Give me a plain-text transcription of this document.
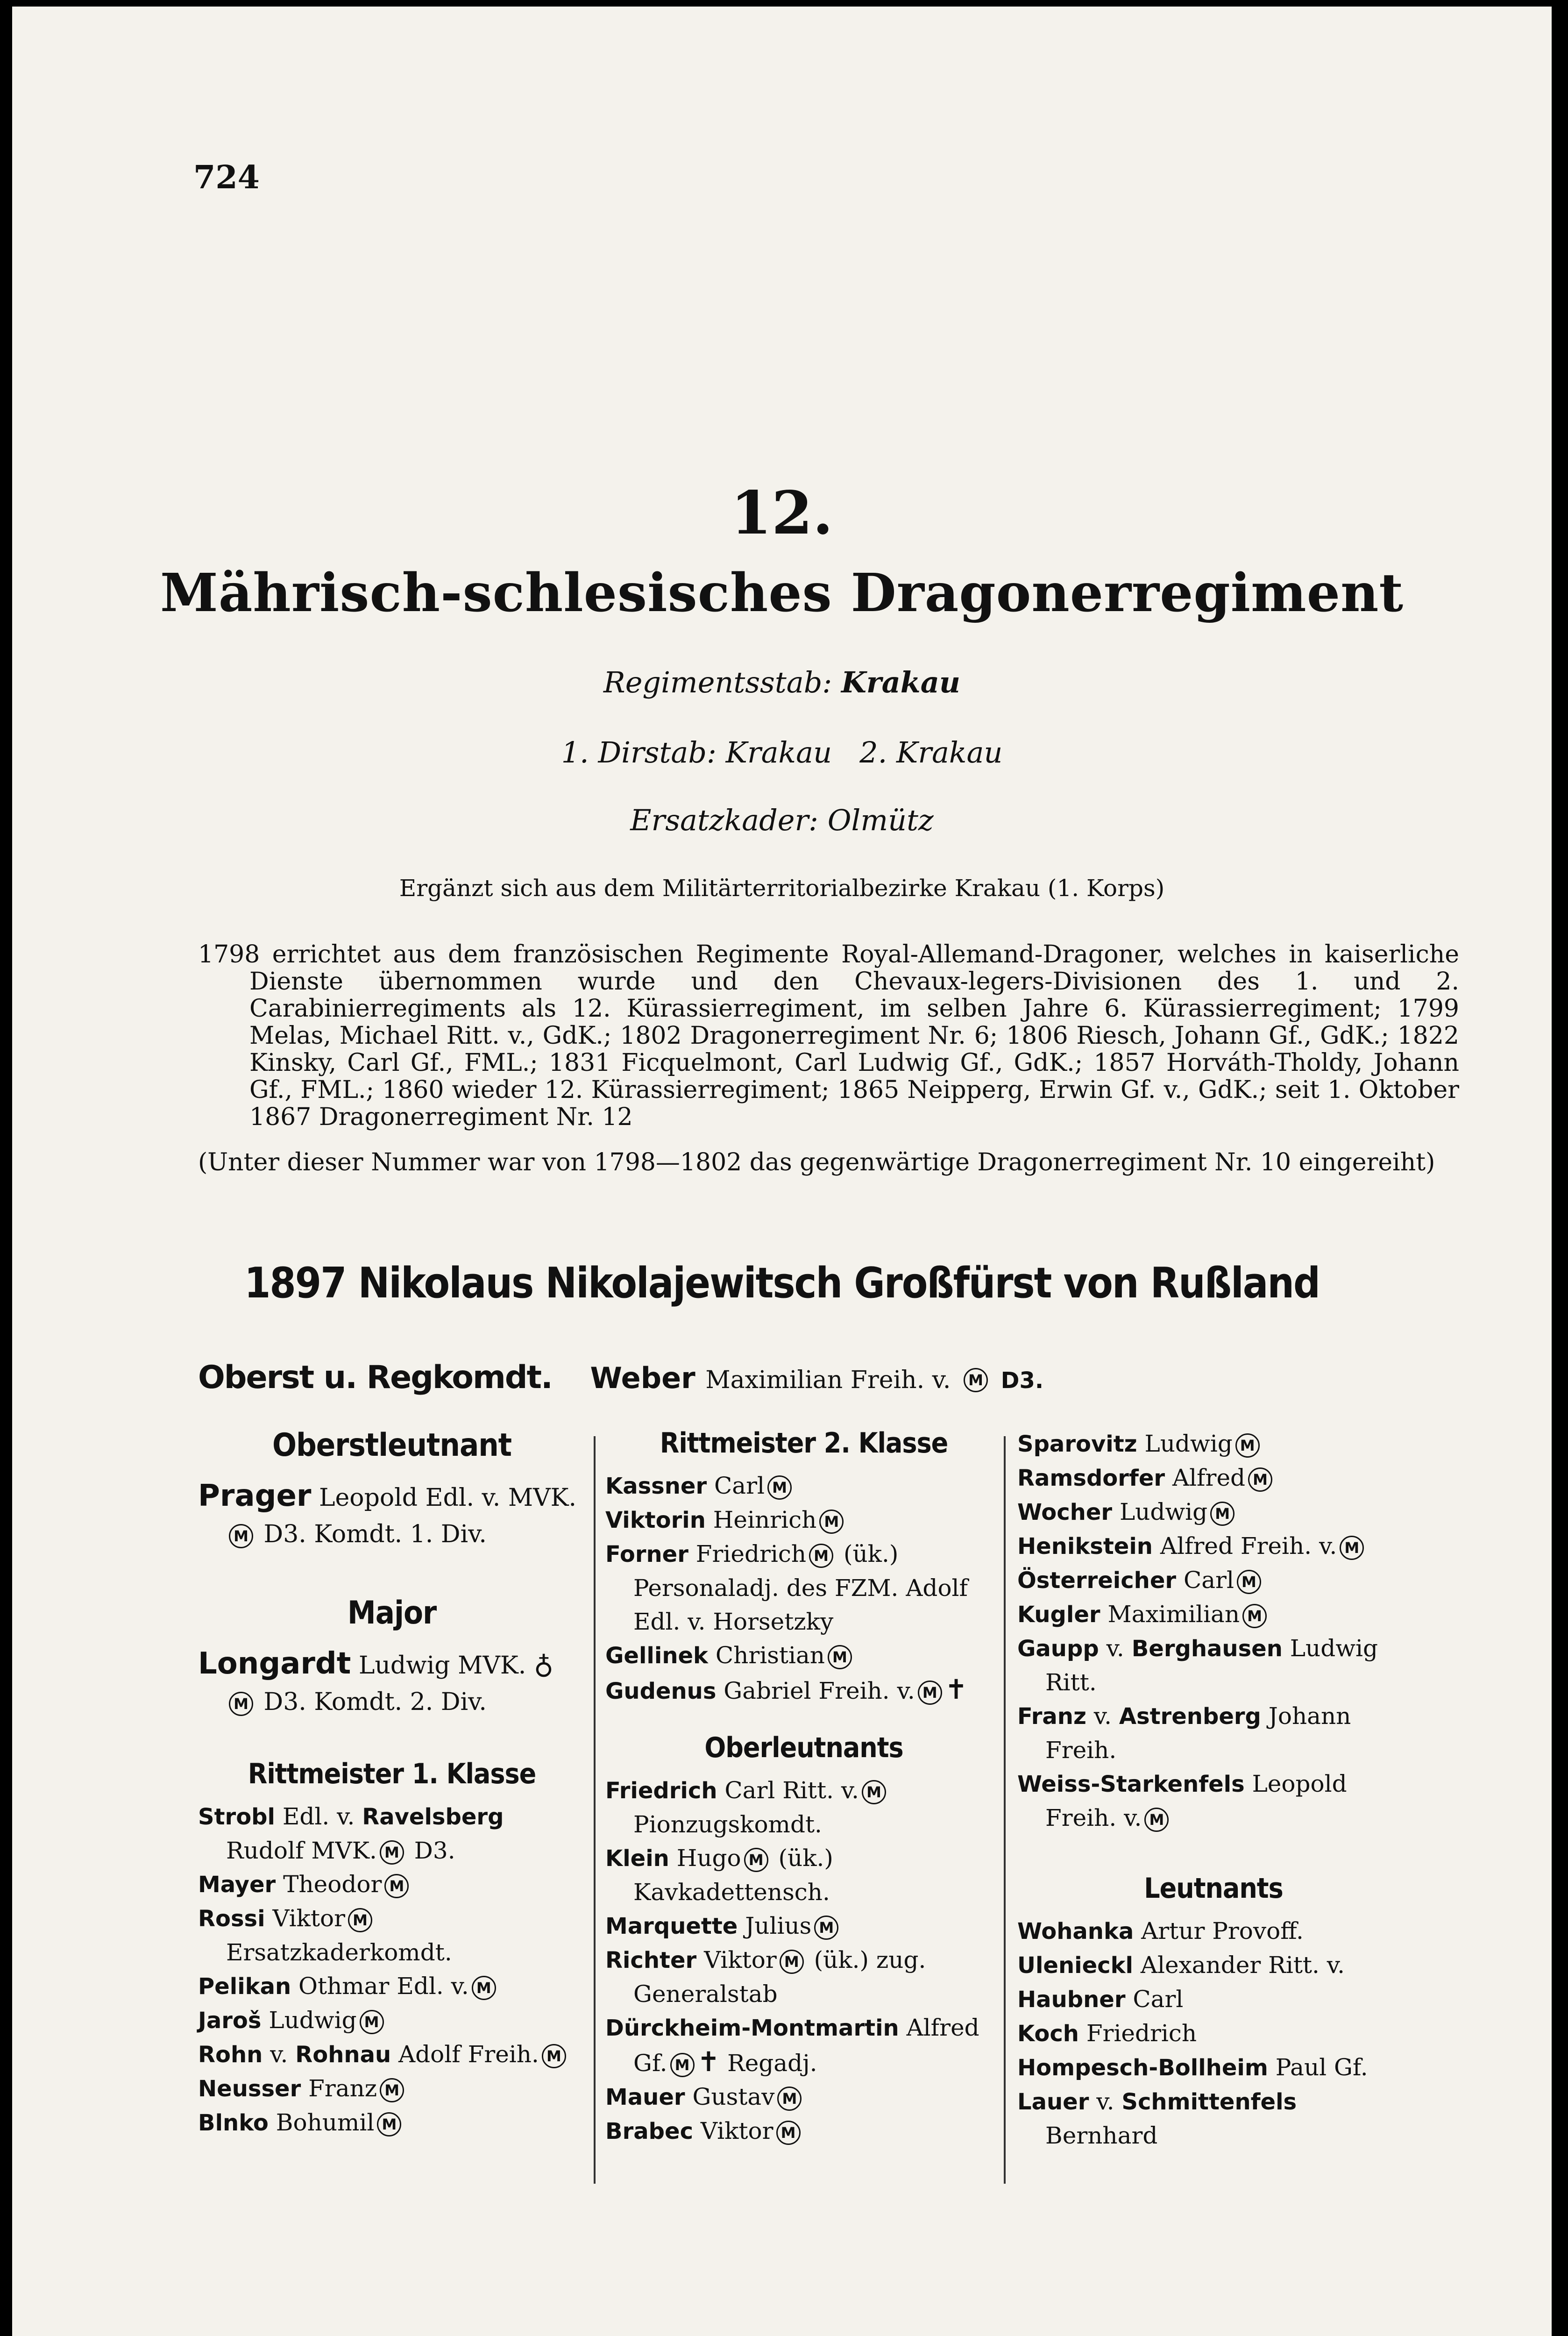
724
12.
Mährisch-schlesisches Dragonerregiment
Regimentsstab: Krakau
1. Dirstab: Krakau   2. Krakau
Ersatzkader: Olmütz
Ergänzt sich aus dem Militärterritorialbezirke Krakau (1. Korps)
1798 errichtet aus dem französischen Regimente Royal-Allemand-Dragoner, welches in kaiserliche Dienste übernommen wurde und den Chevaux-legers-Divisionen des 1. und 2. Carabinierregiments als 12. Kürassierregiment, im selben Jahre 6. Kürassierregiment; 1799 Melas, Michael Ritt. v., GdK.; 1802 Dragonerregiment Nr. 6; 1806 Riesch, Johann Gf., GdK.; 1822 Kinsky, Carl Gf., FML.; 1831 Ficquelmont, Carl Ludwig Gf., GdK.; 1857 Horváth-Tholdy, Johann Gf., FML.; 1860 wieder 12. Kürassierregiment; 1865 Neipperg, Erwin Gf. v., GdK.; seit 1. Oktober 1867 Dragonerregiment Nr. 12
(Unter dieser Nummer war von 1798—1802 das gegenwärtige Dragonerregiment Nr. 10 eingereiht)
1897 Nikolaus Nikolajewitsch Großfürst von Rußland
Oberst u. Regkomdt. Weber Maximilian Freih. v. M D3.
Oberstleutnant

Prager Leopold Edl. v. MVK. M D3. Komdt. 1. Div.

Major

Longardt Ludwig MVK. ♁ M D3. Komdt. 2. Div.

Rittmeister 1. Klasse

Strobl Edl. v. Ravelsberg Rudolf MVK. M D3.

Mayer Theodor M

Rossi Viktor M Ersatzkaderkomdt.

Pelikan Othmar Edl. v. M

Jaroš Ludwig M

Rohn v. Rohnau Adolf Freih. M

Neusser Franz M

Blnko Bohumil M

Rittmeister 2. Klasse

Kassner Carl M

Viktorin Heinrich M

Forner Friedrich M (ük.) Personaladj. des FZM. Adolf Edl. v. Horsetzky

Gellinek Christian M

Gudenus Gabriel Freih. v. M ✝

Oberleutnants

Friedrich Carl Ritt. v. M Pionzugskomdt.

Klein Hugo M (ük.) Kavkadettensch.

Marquette Julius M

Richter Viktor M (ük.) zug. Generalstab

Dürckheim-Montmartin Alfred Gf. M ✝ Regadj.

Mauer Gustav M

Brabec Viktor M

Sparovitz Ludwig M

Ramsdorfer Alfred M

Wocher Ludwig M

Henikstein Alfred Freih. v. M

Österreicher Carl M

Kugler Maximilian M

Gaupp v. Berghausen Ludwig Ritt.

Franz v. Astrenberg Johann Freih.

Weiss-Starkenfels Leopold Freih. v. M

Leutnants

Wohanka Artur Provoff.

Ulenieckl Alexander Ritt. v.

Haubner Carl

Koch Friedrich

Hompesch-Bollheim Paul Gf.

Lauer v. Schmittenfels Bernhard
